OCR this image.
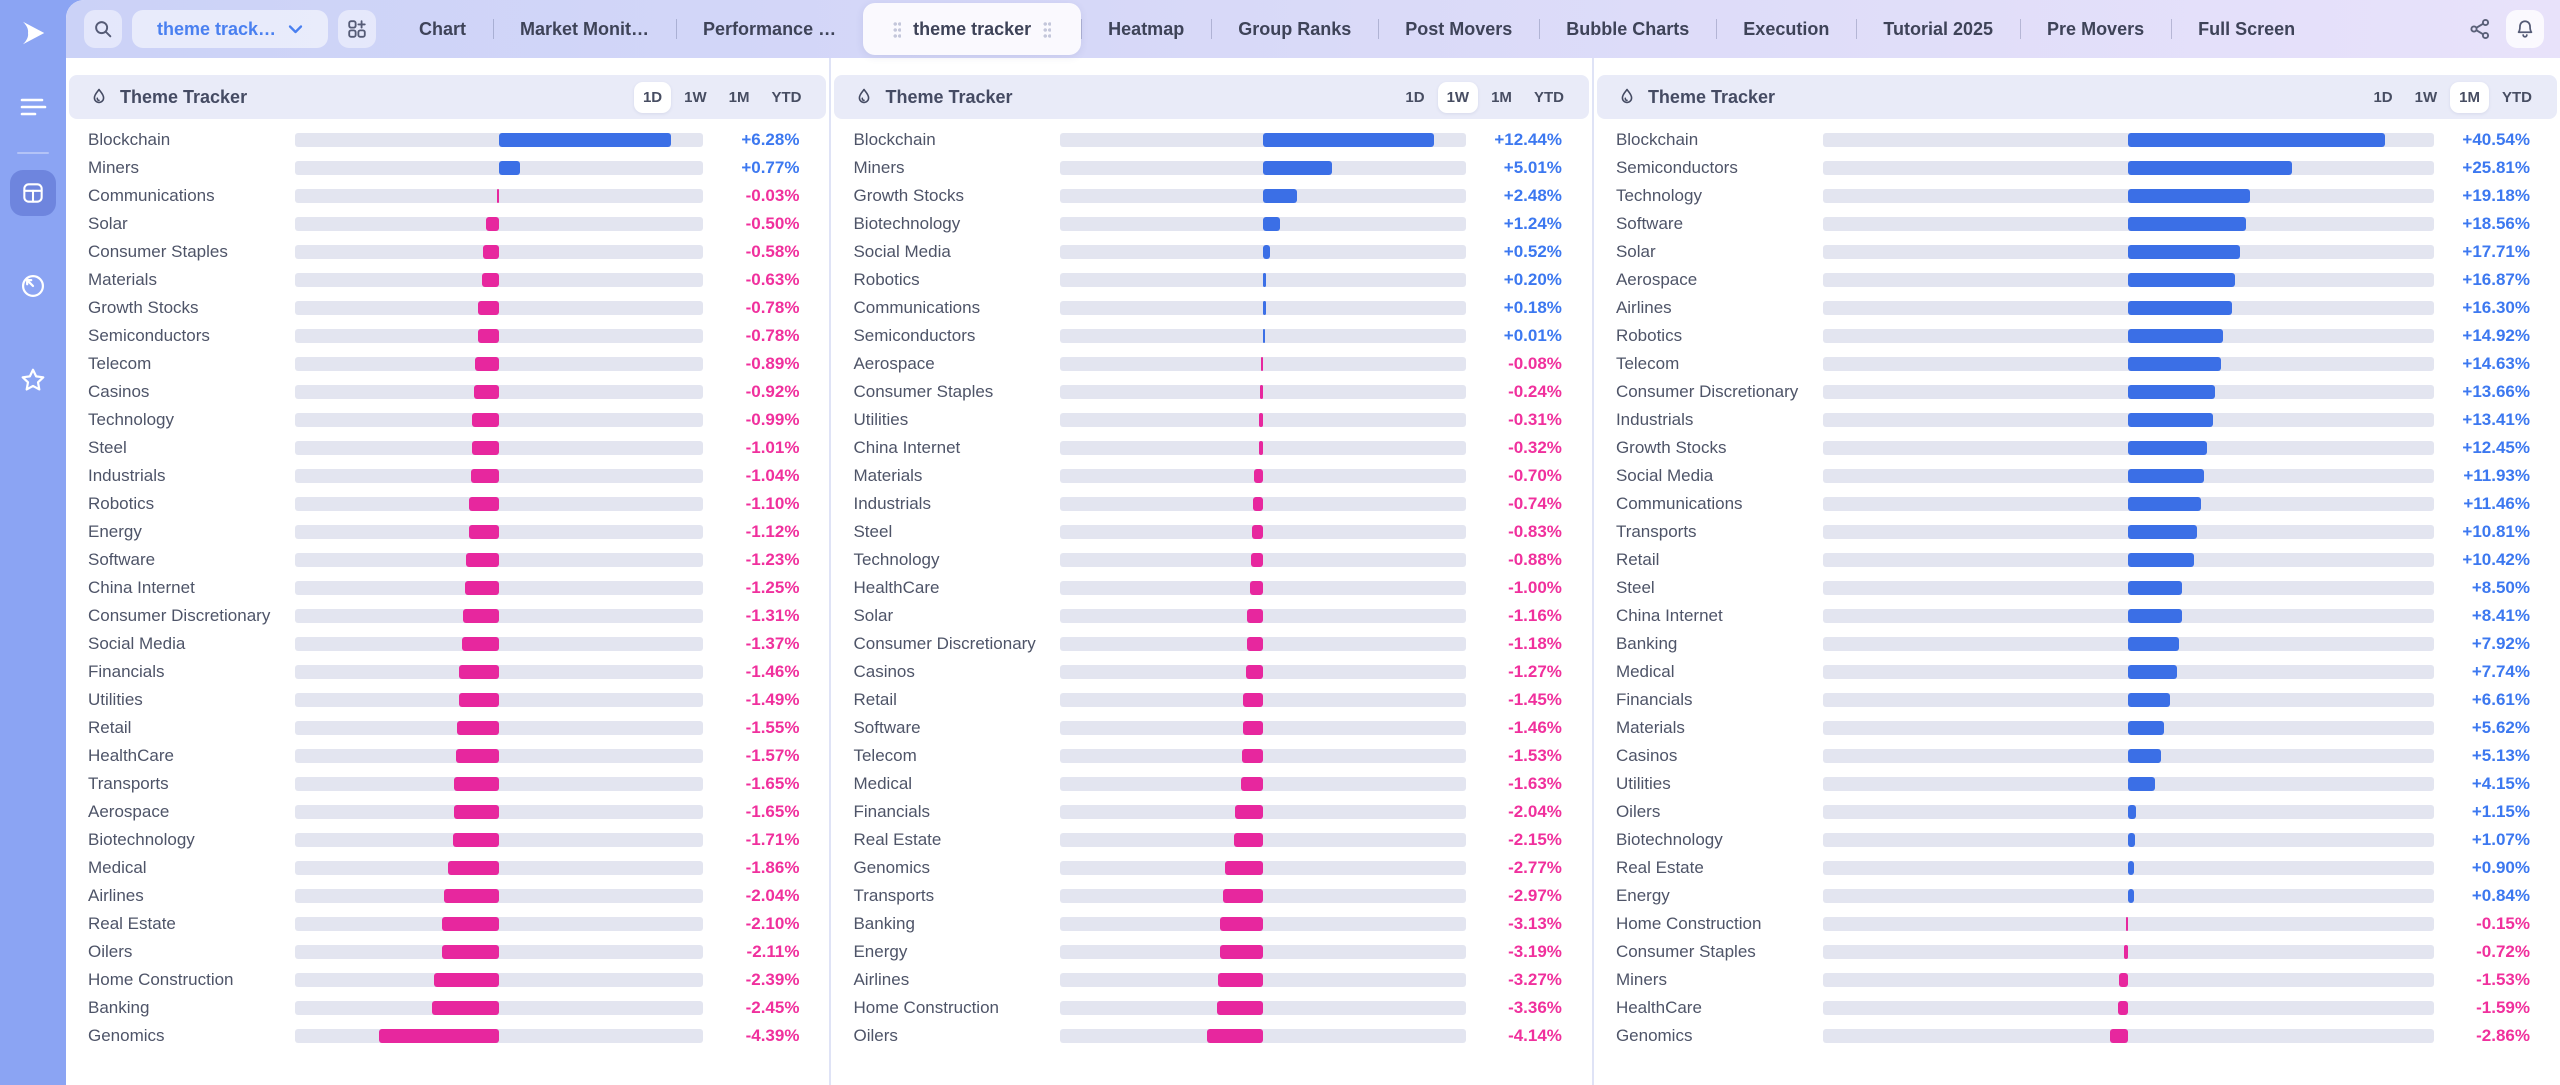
theme track…	Chart	Market Monit…	Performance …	theme tracker	Heatmap	Group Ranks	Post Movers	Bubble Charts	Execution	Tutorial 2025	Pre Movers	Full Screen
Theme Tracker	1D	1W	1M	YTD
Blockchain	+6.28%
Miners	+0.77%
Communications	-0.03%
Solar	-0.50%
Consumer Staples	-0.58%
Materials	-0.63%
Growth Stocks	-0.78%
Semiconductors	-0.78%
Telecom	-0.89%
Casinos	-0.92%
Technology	-0.99%
Steel	-1.01%
Industrials	-1.04%
Robotics	-1.10%
Energy	-1.12%
Software	-1.23%
China Internet	-1.25%
Consumer Discretionary	-1.31%
Social Media	-1.37%
Financials	-1.46%
Utilities	-1.49%
Retail	-1.55%
HealthCare	-1.57%
Transports	-1.65%
Aerospace	-1.65%
Biotechnology	-1.71%
Medical	-1.86%
Airlines	-2.04%
Real Estate	-2.10%
Oilers	-2.11%
Home Construction	-2.39%
Banking	-2.45%
Genomics	-4.39%
Theme Tracker	1D	1W	1M	YTD
Blockchain	+12.44%
Miners	+5.01%
Growth Stocks	+2.48%
Biotechnology	+1.24%
Social Media	+0.52%
Robotics	+0.20%
Communications	+0.18%
Semiconductors	+0.01%
Aerospace	-0.08%
Consumer Staples	-0.24%
Utilities	-0.31%
China Internet	-0.32%
Materials	-0.70%
Industrials	-0.74%
Steel	-0.83%
Technology	-0.88%
HealthCare	-1.00%
Solar	-1.16%
Consumer Discretionary	-1.18%
Casinos	-1.27%
Retail	-1.45%
Software	-1.46%
Telecom	-1.53%
Medical	-1.63%
Financials	-2.04%
Real Estate	-2.15%
Genomics	-2.77%
Transports	-2.97%
Banking	-3.13%
Energy	-3.19%
Airlines	-3.27%
Home Construction	-3.36%
Oilers	-4.14%
Theme Tracker	1D	1W	1M	YTD
Blockchain	+40.54%
Semiconductors	+25.81%
Technology	+19.18%
Software	+18.56%
Solar	+17.71%
Aerospace	+16.87%
Airlines	+16.30%
Robotics	+14.92%
Telecom	+14.63%
Consumer Discretionary	+13.66%
Industrials	+13.41%
Growth Stocks	+12.45%
Social Media	+11.93%
Communications	+11.46%
Transports	+10.81%
Retail	+10.42%
Steel	+8.50%
China Internet	+8.41%
Banking	+7.92%
Medical	+7.74%
Financials	+6.61%
Materials	+5.62%
Casinos	+5.13%
Utilities	+4.15%
Oilers	+1.15%
Biotechnology	+1.07%
Real Estate	+0.90%
Energy	+0.84%
Home Construction	-0.15%
Consumer Staples	-0.72%
Miners	-1.53%
HealthCare	-1.59%
Genomics	-2.86%
